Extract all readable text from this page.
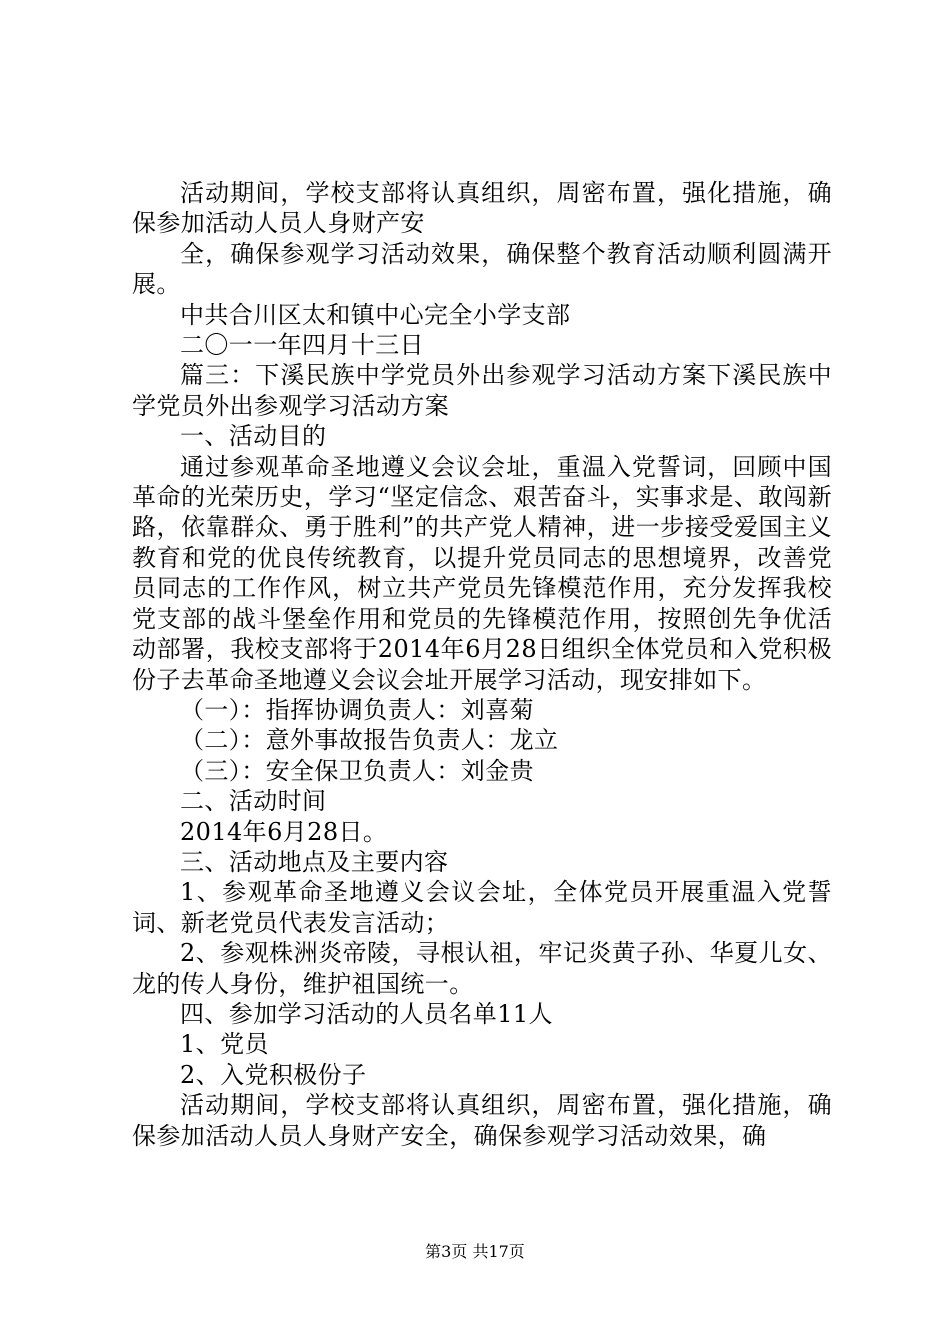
活动期间，学校支部将认真组织，周密布置，强化措施，确保参加活动人员人身财产安

全，确保参观学习活动效果，确保整个教育活动顺利圆满开展。

中共合川区太和镇中心完全小学支部

二〇一一年四月十三日

篇三：下溪民族中学党员外出参观学习活动方案下溪民族中学党员外出参观学习活动方案

一、活动目的

通过参观革命圣地遵义会议会址，重温入党誓词，回顾中国革命的光荣历史，学习“坚定信念、艰苦奋斗，实事求是、敢闯新路，依靠群众、勇于胜利”的共产党人精神，进一步接受爱国主义教育和党的优良传统教育，以提升党员同志的思想境界，改善党员同志的工作作风，树立共产党员先锋模范作用，充分发挥我校党支部的战斗堡垒作用和党员的先锋模范作用，按照创先争优活动部署，我校支部将于2014年6月28日组织全体党员和入党积极份子去革命圣地遵义会议会址开展学习活动，现安排如下。

（一）：指挥协调负责人：刘喜菊

（二）：意外事故报告负责人：龙立

（三）：安全保卫负责人：刘金贵

二、活动时间

2014年6月28日。

三、活动地点及主要内容

1、参观革命圣地遵义会议会址，全体党员开展重温入党誓词、新老党员代表发言活动；

2、参观株洲炎帝陵，寻根认祖，牢记炎黄子孙、华夏儿女、龙的传人身份，维护祖国统一。

四、参加学习活动的人员名单11人

1、党员

2、入党积极份子

活动期间，学校支部将认真组织，周密布置，强化措施，确保参加活动人员人身财产安全，确保参观学习活动效果，确

第3页 共17页
